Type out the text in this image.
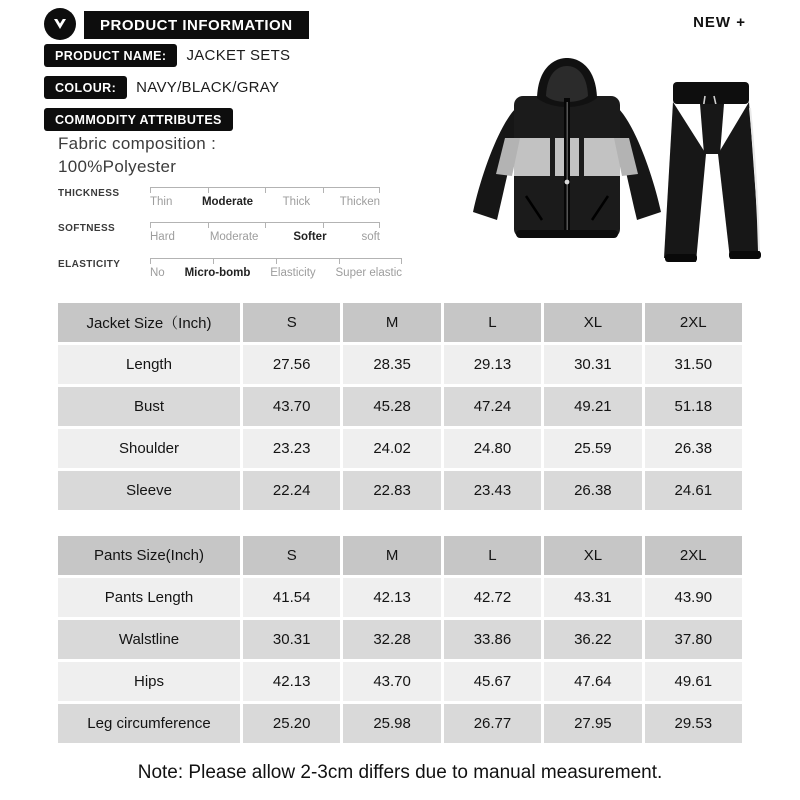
PRODUCT INFORMATION	NEW +
PRODUCT NAME:	JACKET SETS
COLOUR:	NAVY/BLACK/GRAY
COMMODITY ATTRIBUTES
Fabric composition :
100%Polyester
THICKNESS
Thin	Moderate	Thick	Thicken
SOFTNESS
Hard	Moderate	Softer	soft
ELASTICITY
No Micro-bomb Elasticity Super elastic
Jacket Size（Inch)	S	M	L	XL	2XL
Length	27.56	28.35	29.13	30.31	31.50
Bust	43.70	45.28	47.24	49.21	51.18
Shoulder	23.23	24.02	24.80	25.59	26.38
Sleeve	22.24	22.83	23.43	26.38	24.61
Pants Size(Inch)	S	M	L	XL	2XL
Pants Length	41.54	42.13	42.72	43.31	43.90
Walstline	30.31	32.28	33.86	36.22	37.80
Hips	42.13	43.70	45.67	47.64	49.61
Leg circumference	25.20	25.98	26.77	27.95	29.53
Note: Please allow 2-3cm differs due to manual measurement.
